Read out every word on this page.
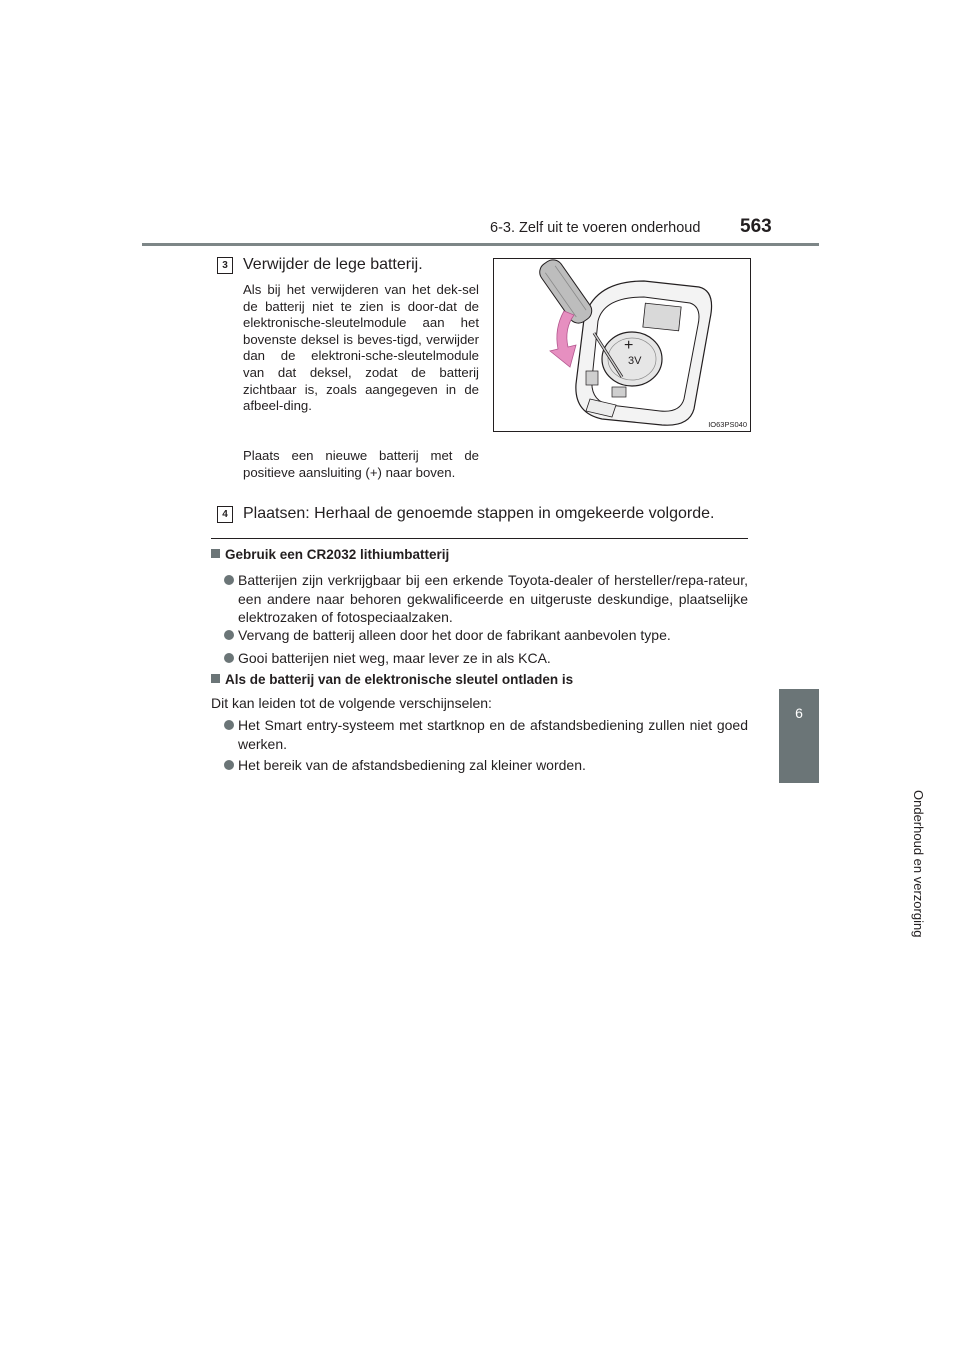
6-3. Zelf uit te voeren onderhoud 563
6
Onderhoud en verzorging
3 Verwijder de lege batterij.

Als bij het verwijderen van het dek-sel de batterij niet te zien is door-dat de elektronische-sleutelmodule aan het bovenste deksel is beves-tigd, verwijder dan de elektroni-sche-sleutelmodule van dat deksel, zodat de batterij zichtbaar is, zoals aangegeven in de afbeel-ding.

Plaats een nieuwe batterij met de positieve aansluiting (+) naar boven.

+
3V
IO63PS040
4 Plaatsen: Herhaal de genoemde stappen in omgekeerde volgorde.
Gebruik een CR2032 lithiumbatterij
Batterijen zijn verkrijgbaar bij een erkende Toyota-dealer of hersteller/repa-rateur, een andere naar behoren gekwalificeerde en uitgeruste deskundige, plaatselijke elektrozaken of fotospeciaalzaken.
Vervang de batterij alleen door het door de fabrikant aanbevolen type.
Gooi batterijen niet weg, maar lever ze in als KCA.
Als de batterij van de elektronische sleutel ontladen is
Dit kan leiden tot de volgende verschijnselen:
Het Smart entry-systeem met startknop en de afstandsbediening zullen niet goed werken.
Het bereik van de afstandsbediening zal kleiner worden.
